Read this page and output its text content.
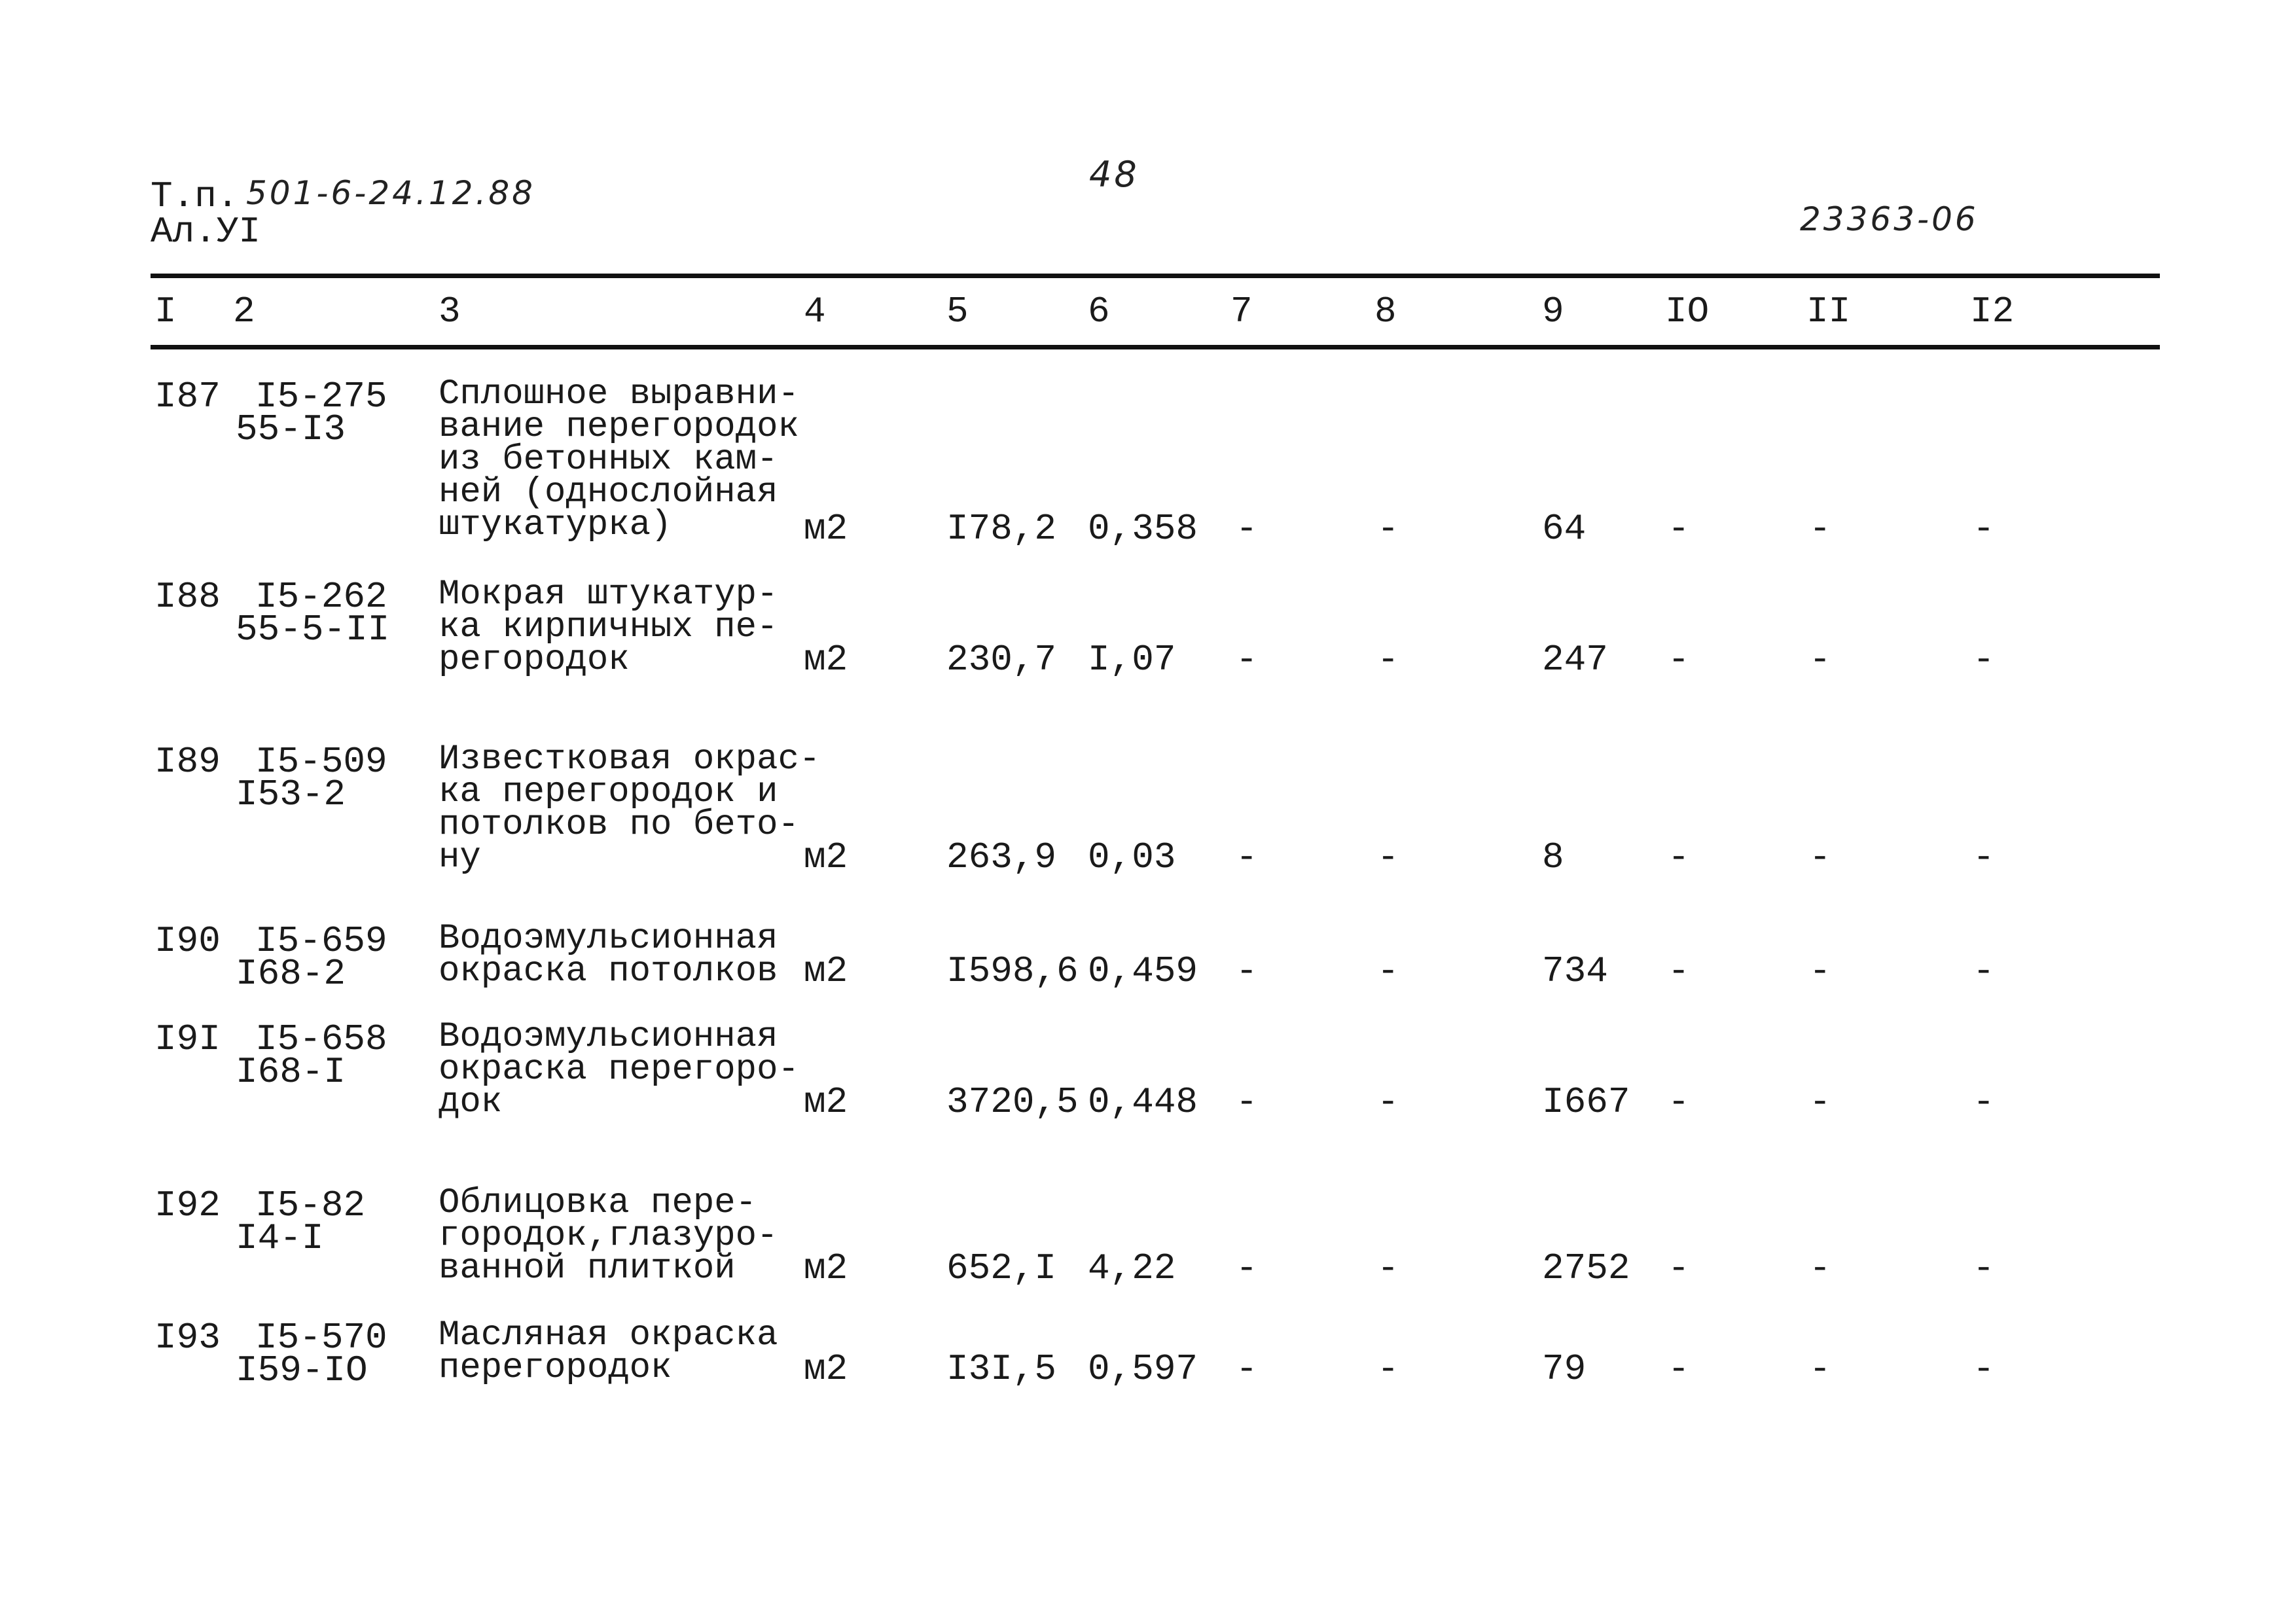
Т.п. 501-6-24.12.88
Ал.УI
48
23363-06
I 2	3	4	5	6	7	8	9	IO	II	I2
I87 I5-275
55-I3
Сплошное выравни-
вание перегородок
из бетонных кам-
ней (однослойная
штукатурка)	м2	I78,2 0,358 -	-	64 -	-	-
I88 I5-262
55-5-II
Мокрая штукатур-
ка кирпичных пе-
регородок	м2	230,7 I,07 -	-	247 -	-	-
I89 I5-509
I53-2
Известковая окрас-
ка перегородок и
потолков по бето-
ну	м2	263,9 0,03 -	-	8	-	-	-
I90 I5-659
I68-2
Водоэмульсионная
окраска потолков м2	I598,6 0,459 -	-	734 -	-	-
I9I I5-658
I68-I
Водоэмульсионная
окраска перегоро-
док	м2	3720,5 0,448 -	-	I667 -	-	-
I92 I5-82
I4-I
Облицовка пере-
городок,глазуро-
ванной плиткой м2	652,I 4,22 -	-	2752 -	-	-
I93 I5-570
I59-IO
Масляная окраска
перегородок	м2	I3I,5 0,597 -	-	79 -	-	-
